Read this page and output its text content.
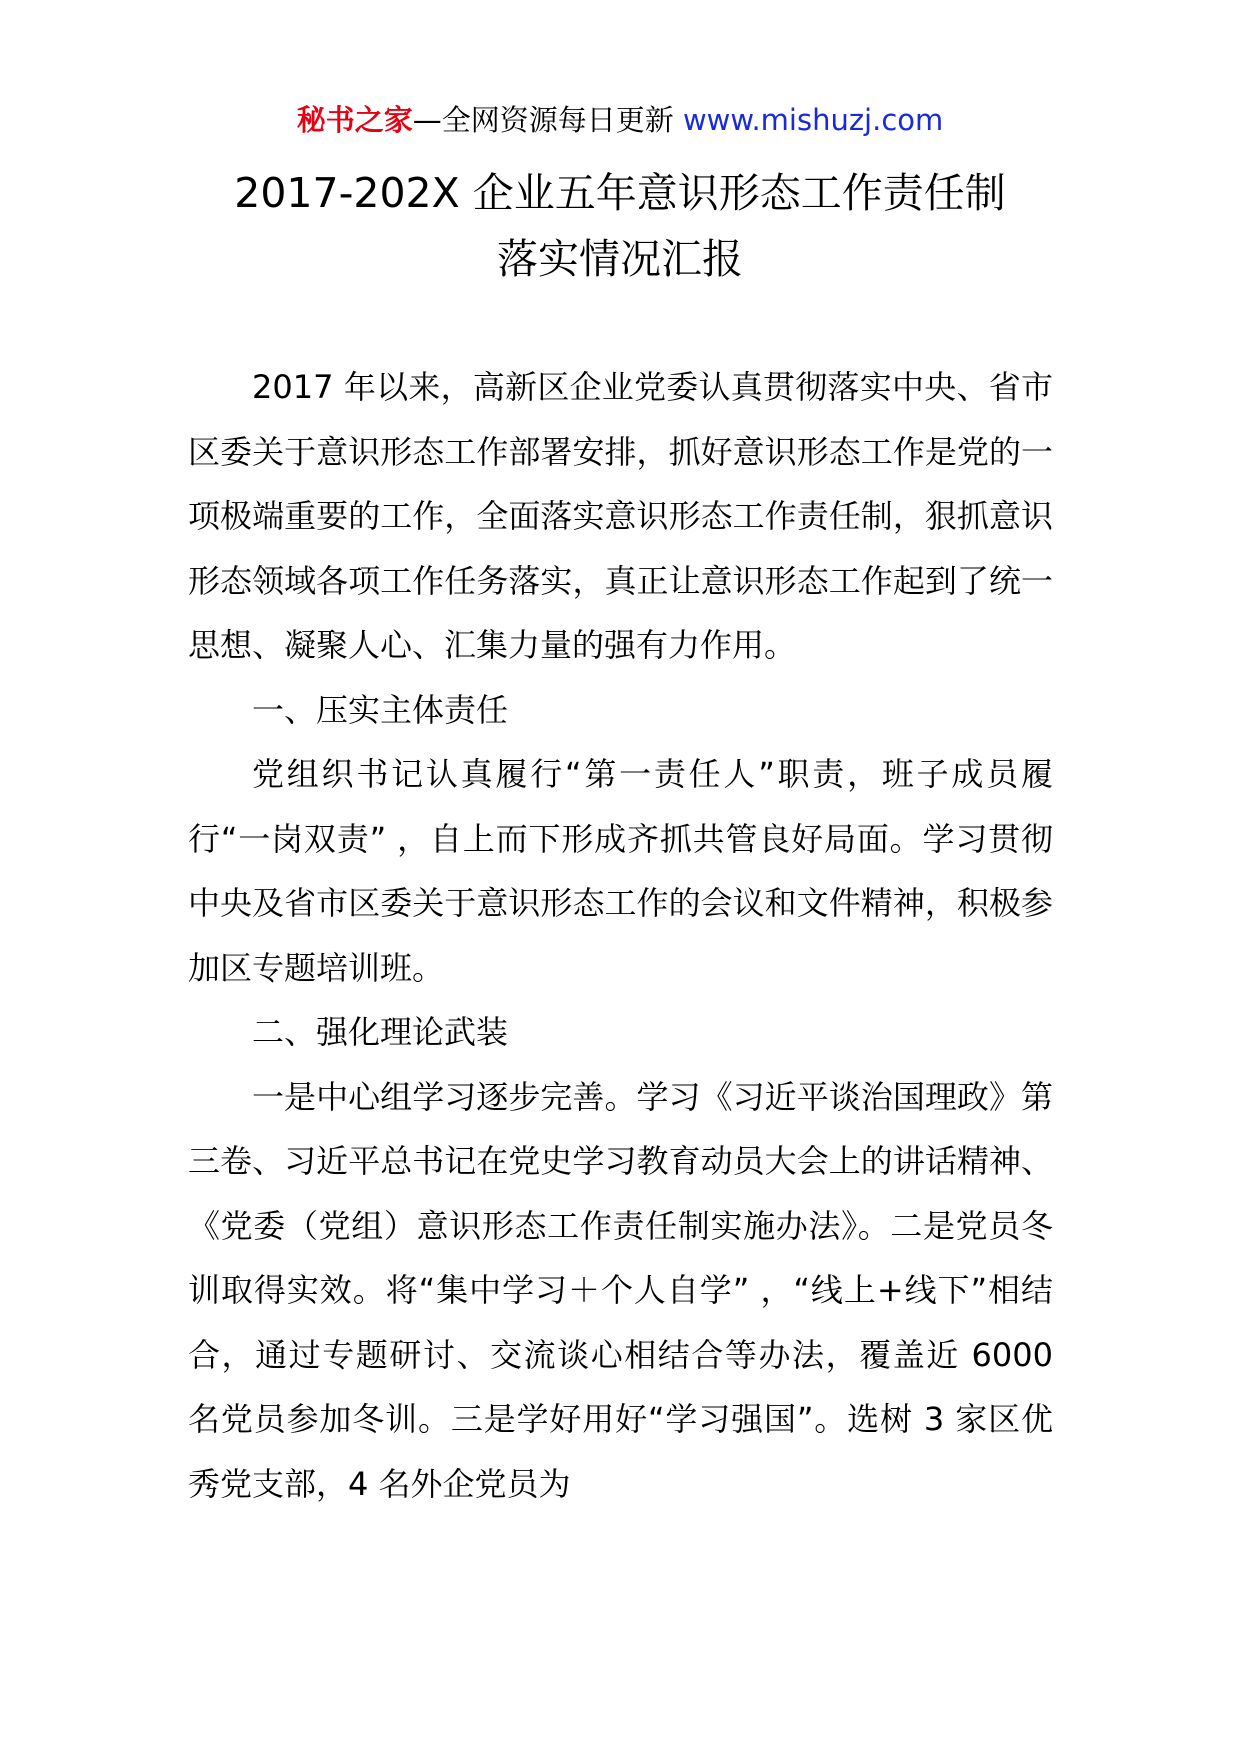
秘书之家—全网资源每日更新 www.mishuzj.com
2017-202X 企业五年意识形态工作责任制
落实情况汇报

2017 年以来，高新区企业党委认真贯彻落实中央、省市区委关于意识形态工作部署安排，抓好意识形态工作是党的一项极端重要的工作，全面落实意识形态工作责任制，狠抓意识形态领域各项工作任务落实，真正让意识形态工作起到了统一思想、凝聚人心、汇集力量的强有力作用。

一、压实主体责任

党组织书记认真履行“第一责任人”职责，班子成员履行“一岗双责” ，自上而下形成齐抓共管良好局面。学习贯彻中央及省市区委关于意识形态工作的会议和文件精神，积极参加区专题培训班。

二、强化理论武装

一是中心组学习逐步完善。学习《习近平谈治国理政》第三卷、习近平总书记在党史学习教育动员大会上的讲话精神、《党委（党组）意识形态工作责任制实施办法》。二是党员冬训取得实效。将“集中学习＋个人自学” ，“线上+线下”相结合，通过专题研讨、交流谈心相结合等办法，覆盖近 6000 名党员参加冬训。三是学好用好“学习强国”。选树 3 家区优秀党支部，4 名外企党员为
